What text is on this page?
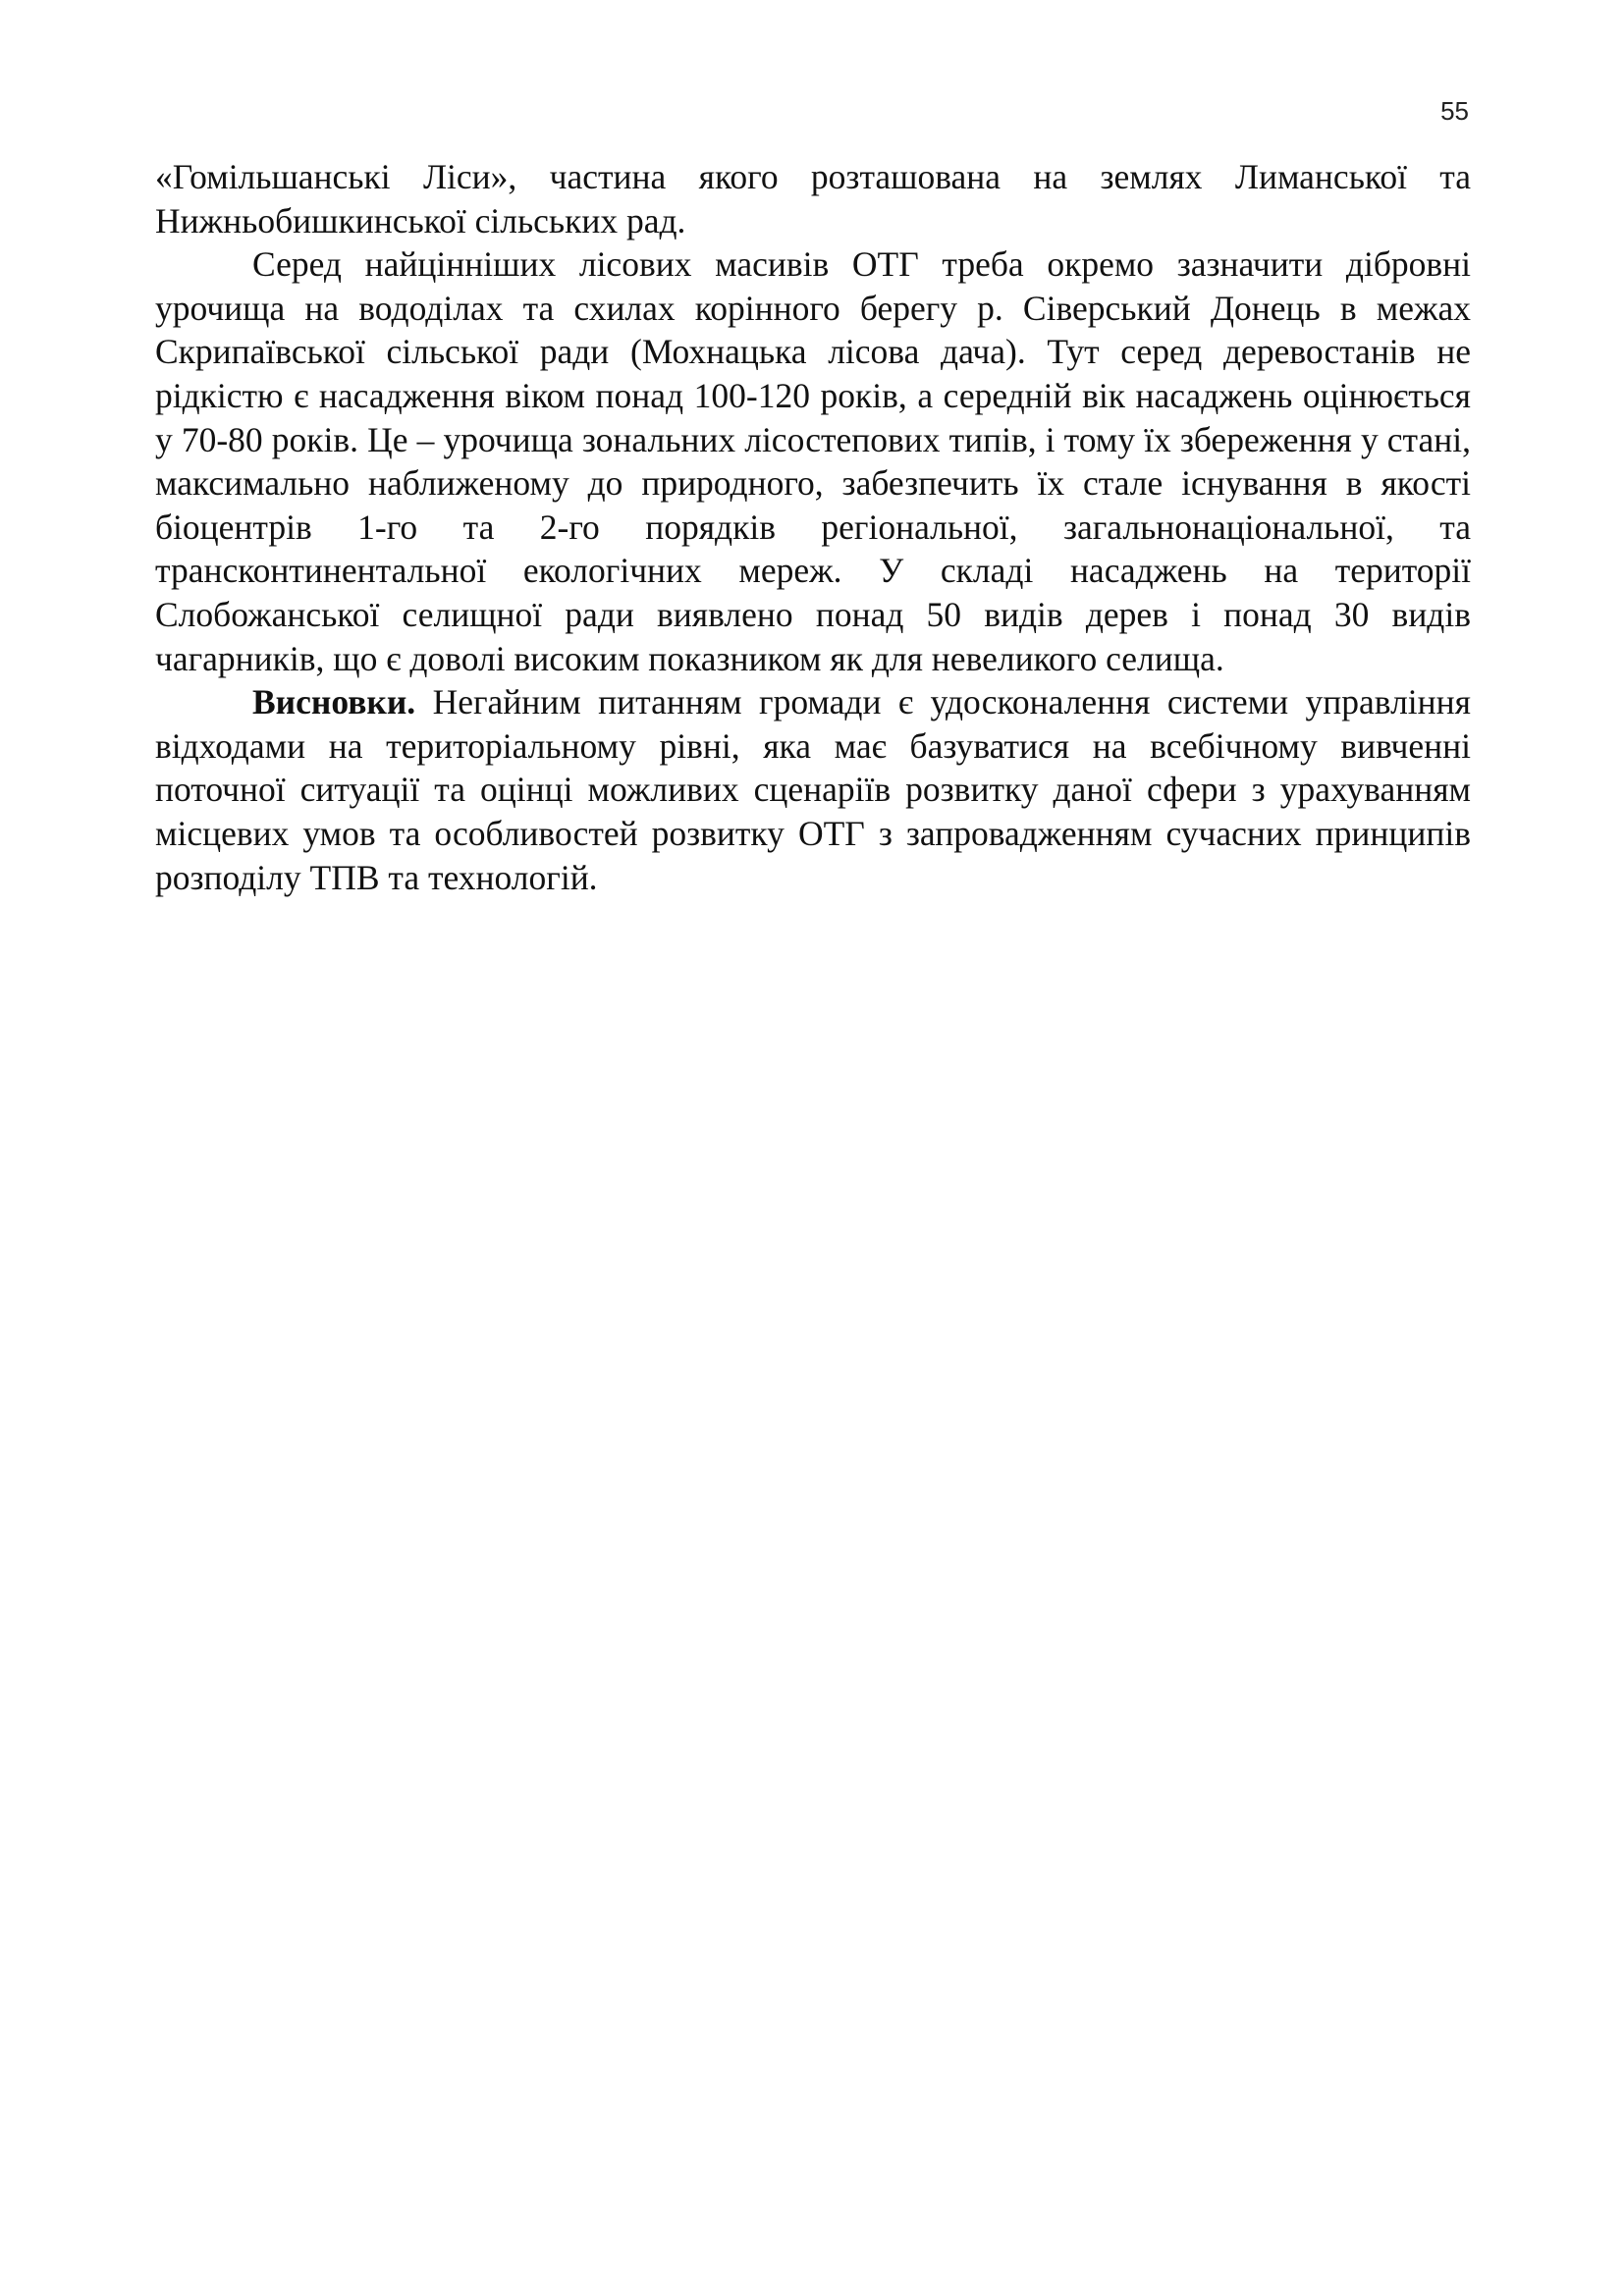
55

«Гомільшанські Ліси», частина якого розташована на землях Лиманської та Нижньобишкинської сільських рад.

Серед найцінніших лісових масивів ОТГ треба окремо зазначити дібровні урочища на вододілах та схилах корінного берегу р. Сіверський Донець в межах Скрипаївської сільської ради (Мохнацька лісова дача). Тут серед деревостанів не рідкістю є насадження віком понад 100-120 років, а середній вік насаджень оцінюється у 70-80 років. Це – урочища зональних лісостепових типів, і тому їх збереження у стані, максимально наближеному до природного, забезпечить їх стале існування в якості біоцентрів 1-го та 2-го порядків регіональної, загальнонаціональної, та трансконтинентальної екологічних мереж. У складі насаджень на території Слобожанської селищної ради виявлено понад 50 видів дерев і понад 30 видів чагарників, що є доволі високим показником як для невеликого селища.

Висновки. Негайним питанням громади є удосконалення системи управління відходами на територіальному рівні, яка має базуватися на всебічному вивченні поточної ситуації та оцінці можливих сценаріїв розвитку даної сфери з урахуванням місцевих умов та особливостей розвитку ОТГ з запровадженням сучасних принципів розподілу ТПВ та технологій.
